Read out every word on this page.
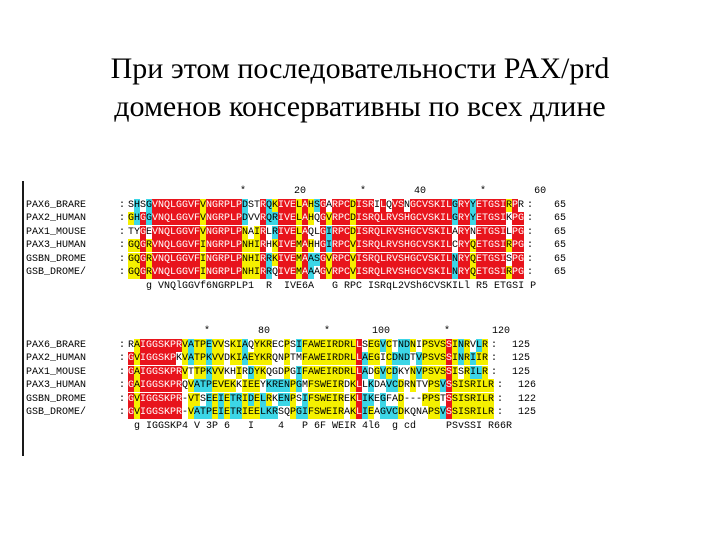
При этом последовательности PAX/prd
доменов консервативны по всех длине
*        20         *        40         *        60
PAX6_BRARE	: SHSGVNQLGGVFVNGRPLPDSTRQKIVELAHSGARPCDISRILQVSNGCVSKILGRYYETGSIRPR : 65
PAX2_HUMAN	: GHGGVNQLGGVFVNGRPLPDVVRQRIVELAHQGVRPCDISRQLRVSHGCVSKILGRYYETGSIKPG : 65
PAX1_MOUSE	: TYGEVNQLGGVFVNGRPLPNAIRLRIVELAQLGIRPCDISRQLRVSHGCVSKILARYNETGSILPG : 65
PAX3_HUMAN	: GQGRVNQLGGVFINGRPLPNHIRHKIVEMAHHGIRPCVISRQLRVSHGCVSKILCRYQETGSIRPG : 65
GSBN_DROME	: GQGRVNQLGGVFINGRPLPNHIRRKIVEMAASGVRPCVISRQLRVSHGCVSKILNRYQETGSISPG : 65
GSB_DROME/	: GQGRVNQLGGVFINGRPLPNHIRRQIVEMAAAGVRPCVISRQLRVSHGCVSKILNRYQETGSIRPG : 65
g VNQlGGVf6NGRPLP1  R  IVE6A   G RPC ISRqL2VSh6CVSKILl R5 ETGSI P
*        80         *       100         *       120
PAX6_BRARE	: RAIGGSKPRVATPEVVSKIAQYKRECPSIFAWEIRDRLLSEGVCTNDNIPSVSSINRVLR : 125
PAX2_HUMAN	: GVIGGSKPKVATPKVVDKIAEYKRQNPTMFAWEIRDRLLAEGICDNDTVPSVSSINRIIR : 125
PAX1_MOUSE	: GAIGGSKPRVTTPKVVKHIRDYKQGDPGIFAWEIRDRLLADGVCDKYNVPSVSSISRILR : 125
PAX3_HUMAN	: GAIGGSKPRQVATPEVEKKIEEYKRENPGMFSWEIRDKLLKDAVCDRNTVPSVSSISRILR : 126
GSBN_DROME	: GVIGGSKPR-VTSEEIETRIDELRKENPSIFSWEIREKLIKEGFAD---PPSTSSISRILR : 122
GSB_DROME/	: GVIGGSKPR-VATPEIETRIEELKRSQPGIFSWEIRAKLIEAGVCDKQNAPSVSSISRILR : 125
g IGGSKP4 V 3P 6   I    4   P 6F WEIR 4l6  g cd     PSvSSI R66R
